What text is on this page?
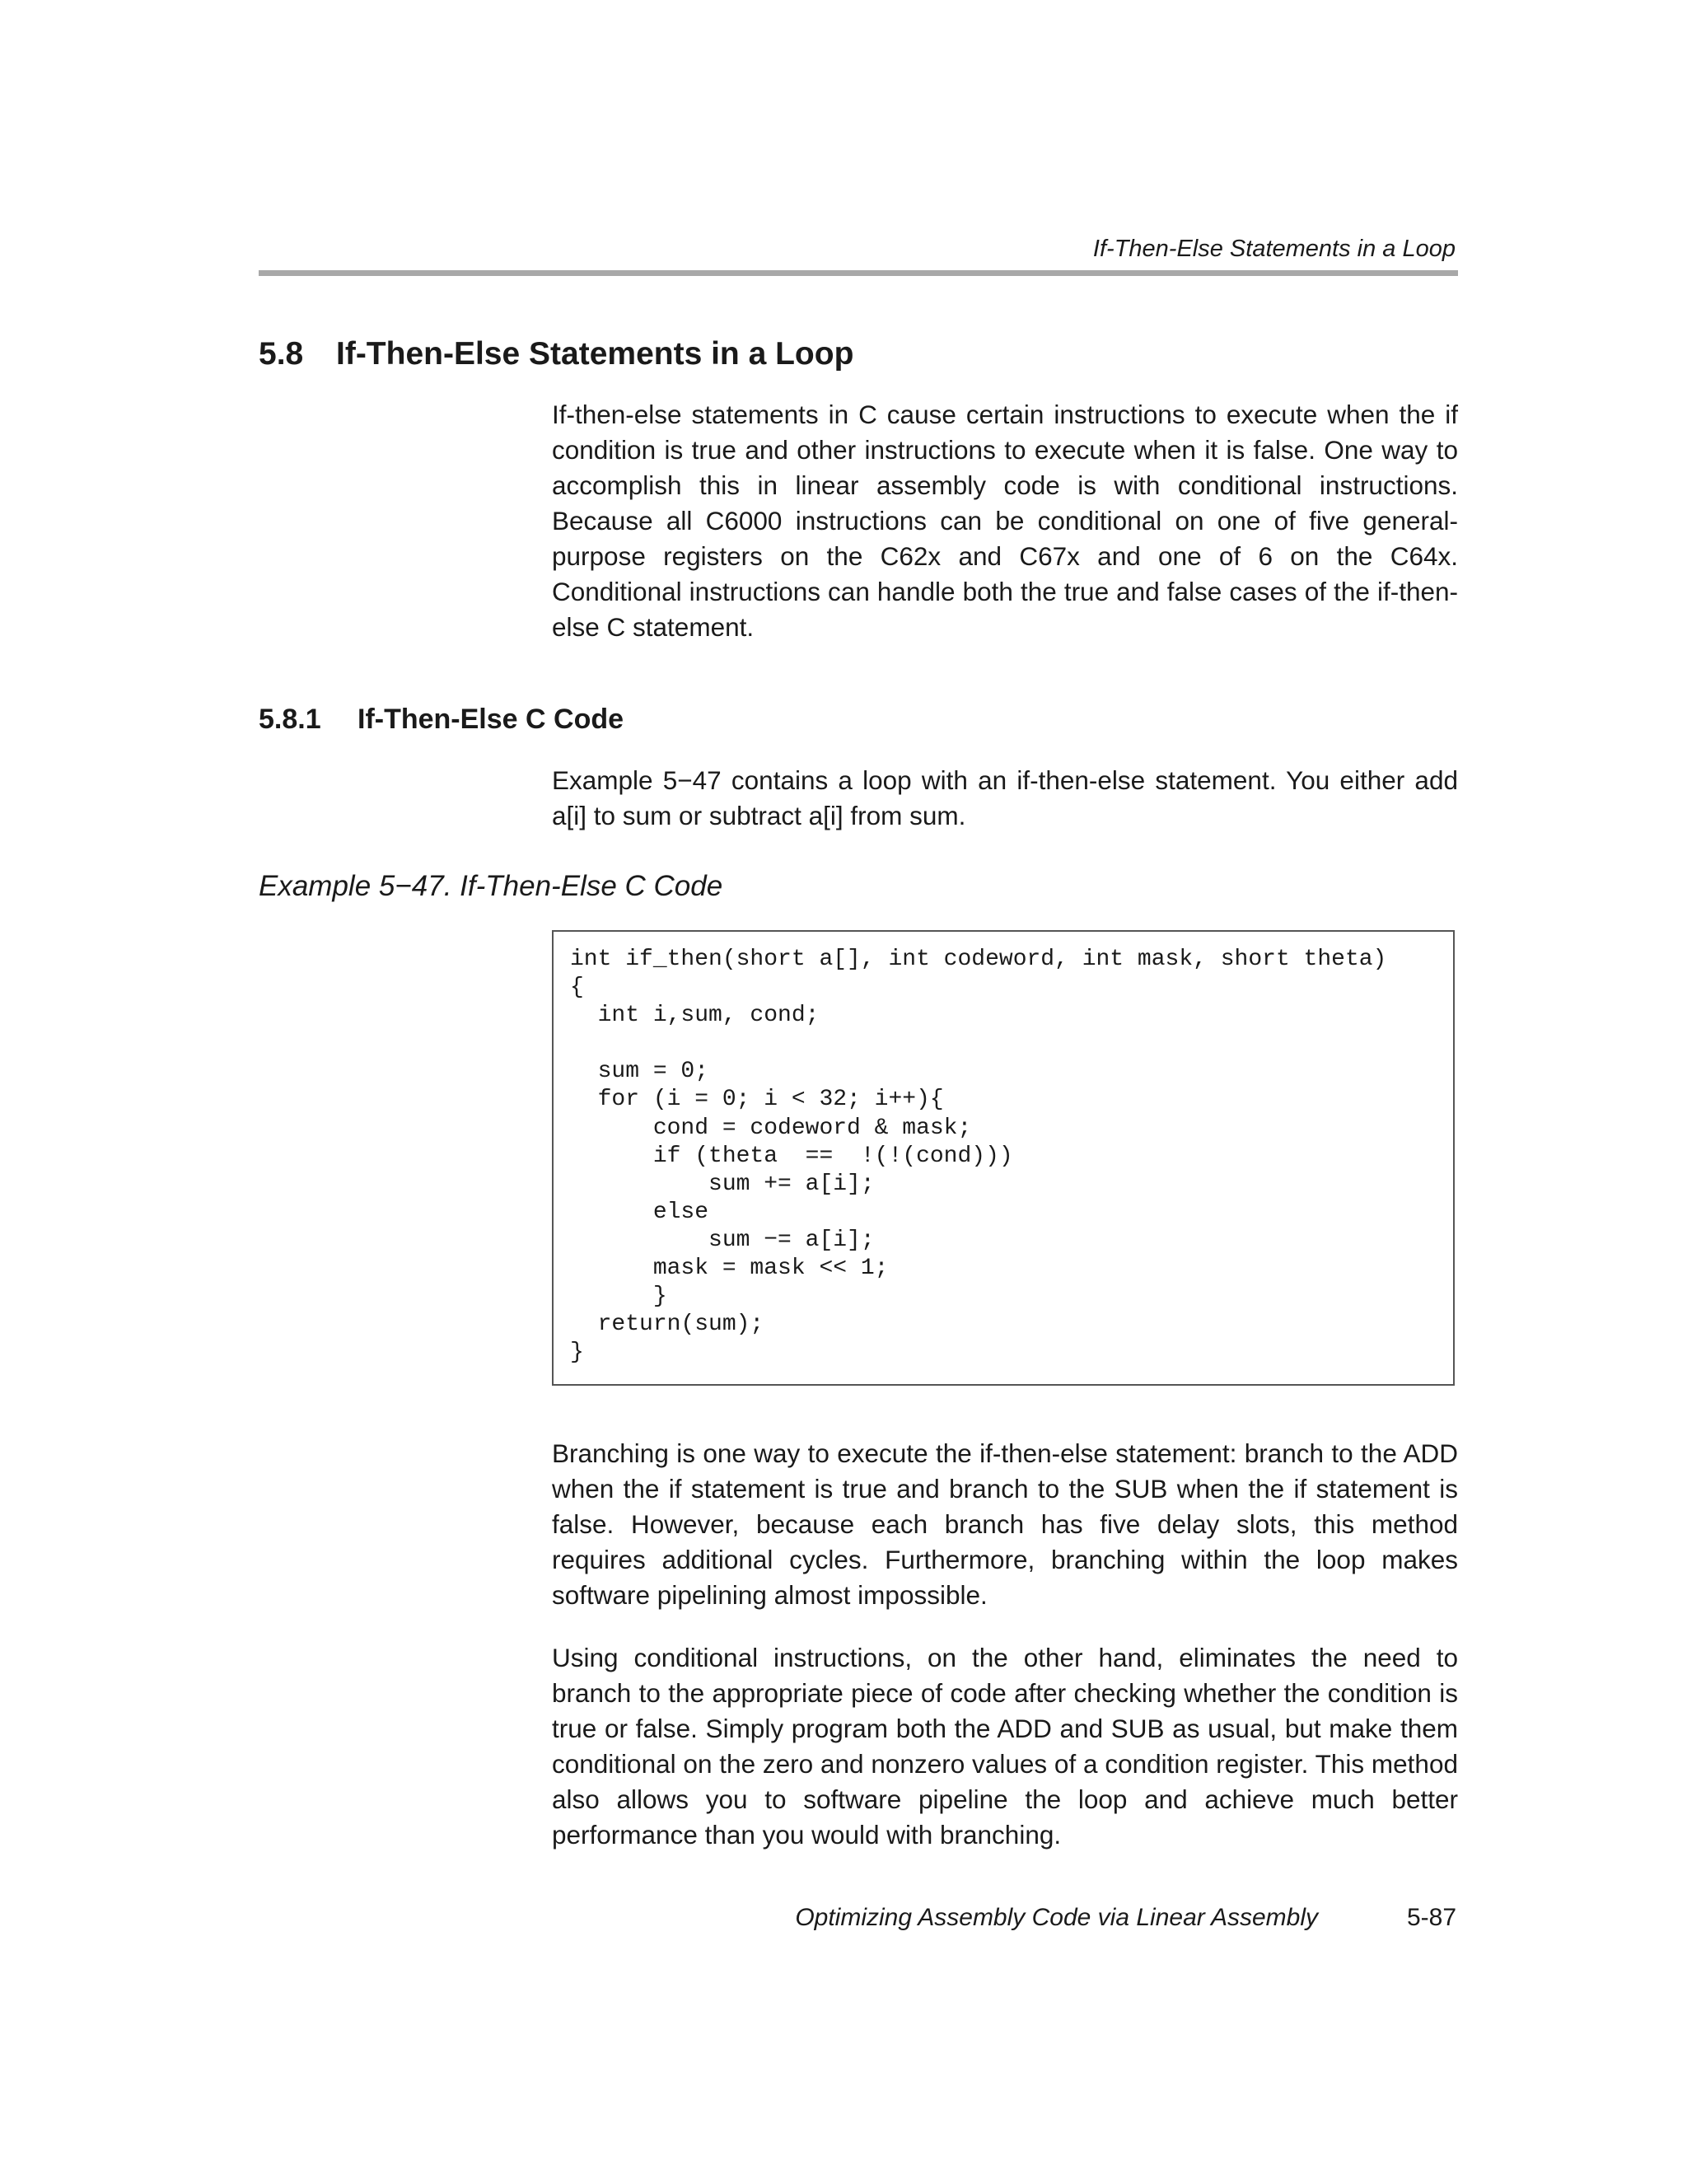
If-Then-Else Statements in a Loop
5.8 If-Then-Else Statements in a Loop

If-then-else statements in C cause certain instructions to execute when the if condition is true and other instructions to execute when it is false. One way to accomplish this in linear assembly code is with conditional instructions. Because all C6000 instructions can be conditional on one of five general-purpose registers on the C62x and C67x and one of 6 on the C64x. Conditional instructions can handle both the true and false cases of the if-then-else C statement.

5.8.1 If-Then-Else C Code

Example 5−47 contains a loop with an if-then-else statement. You either add a[i] to sum or subtract a[i] from sum.

Example 5−47. If-Then-Else C Code
int if_then(short a[], int codeword, int mask, short theta)
{
int i,sum, cond;

sum = 0;
for (i = 0; i < 32; i++){
cond = codeword & mask;
if (theta  ==  !(!(cond)))
sum += a[i];
else
sum −= a[i];
mask = mask << 1;
}
return(sum);
}

Branching is one way to execute the if-then-else statement: branch to the ADD when the if statement is true and branch to the SUB when the if statement is false. However, because each branch has five delay slots, this method requires additional cycles. Furthermore, branching within the loop makes software pipelining almost impossible.

Using conditional instructions, on the other hand, eliminates the need to branch to the appropriate piece of code after checking whether the condition is true or false. Simply program both the ADD and SUB as usual, but make them conditional on the zero and nonzero values of a condition register. This method also allows you to software pipeline the loop and achieve much better performance than you would with branching.

Optimizing Assembly Code via Linear Assembly	5-87
